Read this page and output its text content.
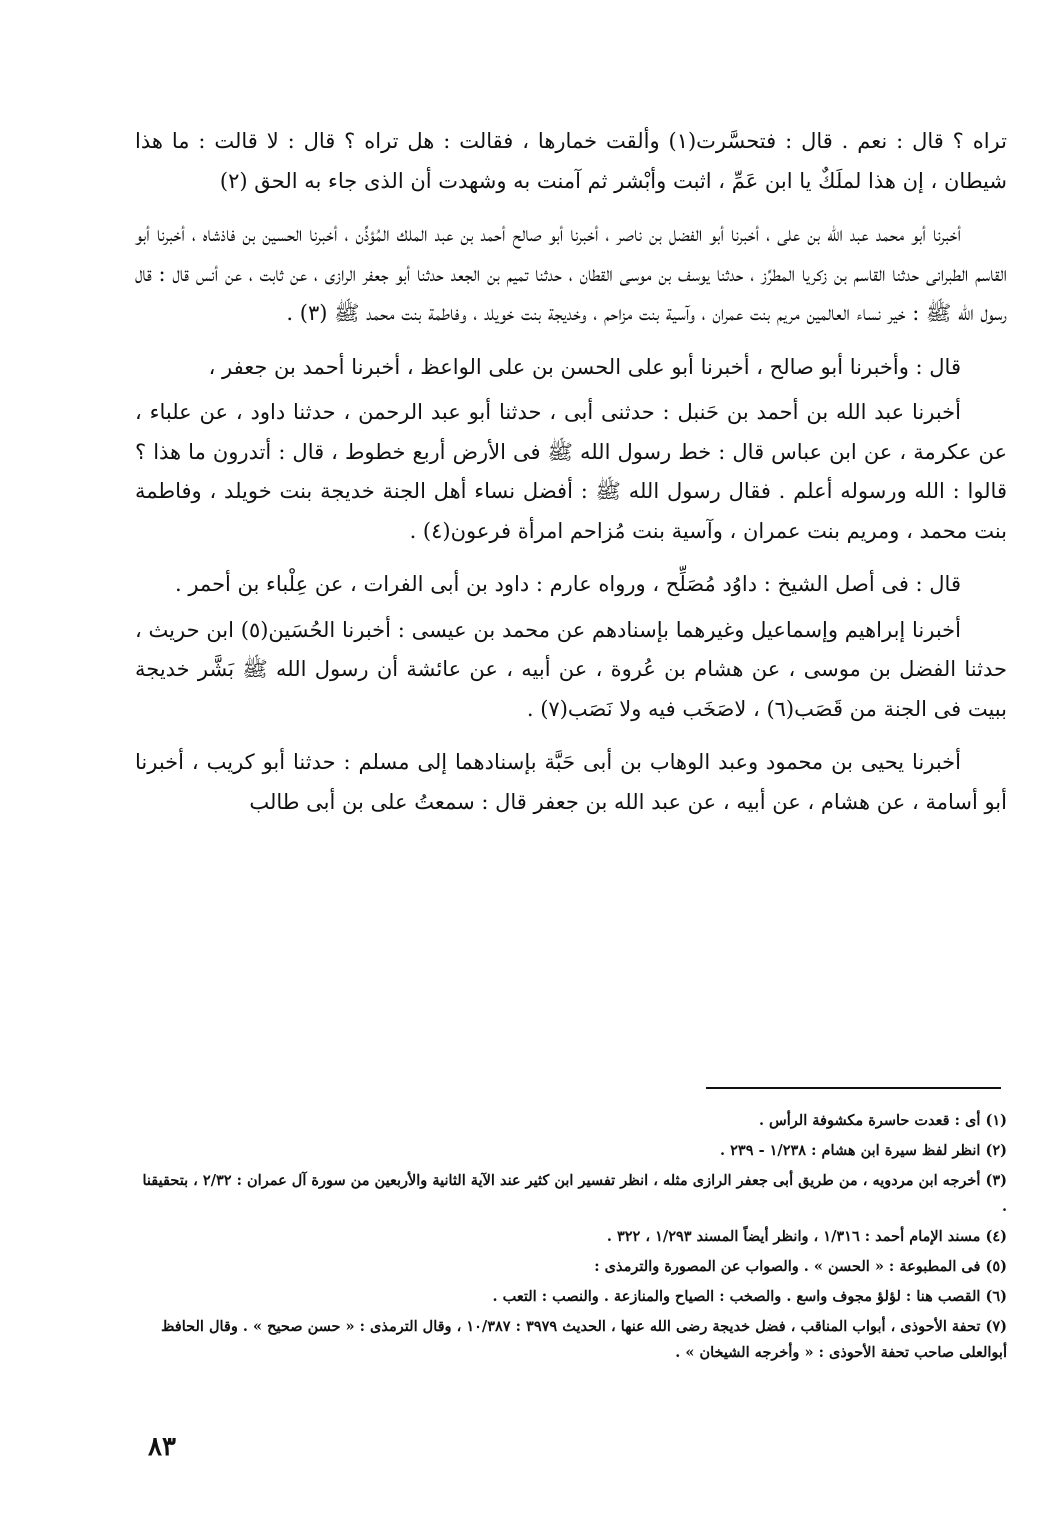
تراه ؟ قال : نعم . قال : فتحسَّرت(١) وألقت خمارها ، فقالت : هل تراه ؟ قال : لا قالت : ما هذا شيطان ، إن هذا لملَكٌ يا ابن عَمِّ ، اثبت وأبْشر ثم آمنت به وشهدت أن الذى جاء به الحق (٢)

أخبرنا أبو محمد عبد الله بن على ، أخبرنا أبو الفضل بن ناصر ، أخبرنا أبو صالح أحمد بن عبد الملك المُؤذِّن ، أخبرنا الحسين بن فاذشاه ، أخبرنا أبو القاسم الطبرانى حدثنا القاسم بن زكريا المطرِّز ، حدثنا يوسف بن موسى القطان ، حدثنا تميم بن الجعد حدثنا أبو جعفر الرازى ، عن ثابت ، عن أنس قال : قال رسول الله ﷺ : خير نساء العالمين مريم بنت عمران ، وآسية بنت مزاحم ، وخديجة بنت خويلد ، وفاطمة بنت محمد ﷺ (٣) .

قال : وأخبرنا أبو صالح ، أخبرنا أبو على الحسن بن على الواعظ ، أخبرنا أحمد بن جعفر ،

أخبرنا عبد الله بن أحمد بن حَنبل : حدثنى أبى ، حدثنا أبو عبد الرحمن ، حدثنا داود ، عن علباء ، عن عكرمة ، عن ابن عباس قال : خط رسول الله ﷺ فى الأرض أربع خطوط ، قال : أتدرون ما هذا ؟ قالوا : الله ورسوله أعلم . فقال رسول الله ﷺ : أفضل نساء أهل الجنة خديجة بنت خويلد ، وفاطمة بنت محمد ، ومريم بنت عمران ، وآسية بنت مُزاحم امرأة فرعون(٤) .

قال : فى أصل الشيخ : داوُد مُصَلِّح ، ورواه عارم : داود بن أبى الفرات ، عن عِلْباء بن أحمر .

أخبرنا إبراهيم وإسماعيل وغيرهما بإسنادهم عن محمد بن عيسى : أخبرنا الحُسَين(٥) ابن حريث ، حدثنا الفضل بن موسى ، عن هشام بن عُروة ، عن أبيه ، عن عائشة أن رسول الله ﷺ بَشَّر خديجة ببيت فى الجنة من قَصَب(٦) ، لاصَخَب فيه ولا نَصَب(٧) .

أخبرنا يحيى بن محمود وعبد الوهاب بن أبى حَبَّة بإسنادهما إلى مسلم : حدثنا أبو كريب ، أخبرنا أبو أسامة ، عن هشام ، عن أبيه ، عن عبد الله بن جعفر قال : سمعتُ على بن أبى طالب

(١) أى : قعدت حاسرة مكشوفة الرأس .

(٢) انظر لفظ سيرة ابن هشام : ١/٢٣٨ - ٢٣٩ .

(٣) أخرجه ابن مردويه ، من طريق أبى جعفر الرازى مثله ، انظر تفسير ابن كثير عند الآية الثانية والأربعين من سورة آل عمران : ٢/٣٢ ، بتحقيقنا .

(٤) مسند الإمام أحمد : ١/٣١٦ ، وانظر أيضاً المسند ١/٢٩٣ ، ٣٢٢ .

(٥) فى المطبوعة : « الحسن » . والصواب عن المصورة والترمذى :

(٦) القصب هنا : لؤلؤ مجوف واسع . والصخب : الصياح والمنازعة . والنصب : التعب .

(٧) تحفة الأحوذى ، أبواب المناقب ، فضل خديجة رضى الله عنها ، الحديث ٣٩٧٩ : ١٠/٣٨٧ ، وقال الترمذى : « حسن صحيح » . وقال الحافظ أبوالعلى صاحب تحفة الأحوذى : « وأخرجه الشيخان » .

٨٣
